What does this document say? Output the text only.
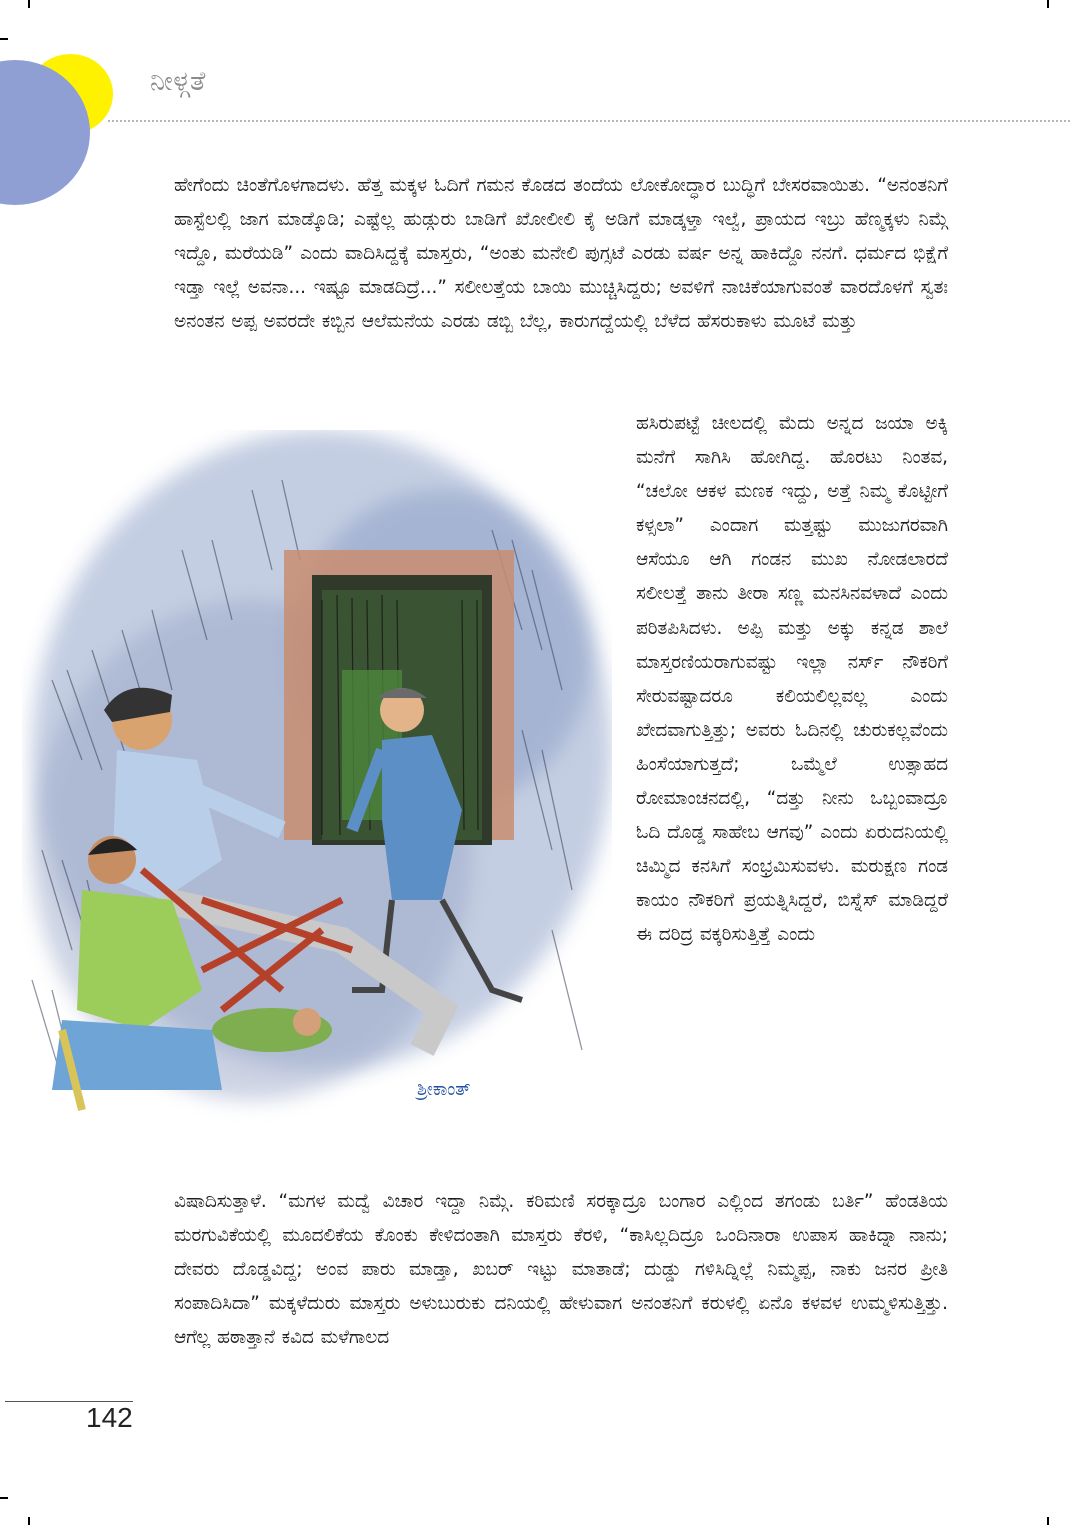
ನೀಳ್ಗತೆ

ಹೇಗೆಂದು ಚಿಂತೆಗೊಳಗಾದಳು. ಹೆತ್ತ ಮಕ್ಕಳ ಓದಿಗೆ ಗಮನ ಕೊಡದ ತಂದೆಯ ಲೋಕೋದ್ಧಾರ ಬುದ್ಧಿಗೆ ಬೇಸರವಾಯಿತು. “ಅನಂತನಿಗೆ ಹಾಸ್ಟೆಲಲ್ಲಿ ಜಾಗ ಮಾಡ್ಕೊಡಿ; ಎಷ್ಟೆಲ್ಲ ಹುಡ್ಗುರು ಬಾಡಿಗೆ ಖೋಲೀಲಿ ಕೈ ಅಡಿಗೆ ಮಾಡ್ಕಳ್ತಾ ಇಲ್ವೆ, ಪ್ರಾಯದ ಇಬ್ರು ಹೆಣ್ಮಕ್ಕಳು ನಿಮ್ಗೆ ಇದ್ದೊ, ಮರೆಯಡಿ” ಎಂದು ವಾದಿಸಿದ್ದಕ್ಕೆ ಮಾಸ್ತರು, “ಅಂತು ಮನೇಲಿ ಪುಗ್ಸಟೆ ಎರಡು ವರ್ಷ ಅನ್ನ ಹಾಕಿದ್ದೊ ನನಗೆ. ಧರ್ಮದ ಭಿಕ್ಷೆಗೆ ಇಡ್ತಾ ಇಲ್ಲೆ ಅವನಾ... ಇಷ್ಟೂ ಮಾಡದಿದ್ರೆ...” ಸಲೀಲತ್ತೆಯ ಬಾಯಿ ಮುಚ್ಚಿಸಿದ್ದರು; ಅವಳಿಗೆ ನಾಚಿಕೆಯಾಗುವಂತೆ ವಾರದೊಳಗೆ ಸ್ವತಃ ಅನಂತನ ಅಪ್ಪ ಅವರದೇ ಕಬ್ಬಿನ ಆಲೆಮನೆಯ ಎರಡು ಡಬ್ಬಿ ಬೆಲ್ಲ, ಕಾರುಗದ್ದೆಯಲ್ಲಿ ಬೆಳೆದ ಹೆಸರುಕಾಳು ಮೂಟೆ ಮತ್ತು

ಹಸಿರುಪಟ್ಟೆ ಚೀಲದಲ್ಲಿ ಮೆದು ಅನ್ನದ ಜಯಾ ಅಕ್ಕಿ ಮನೆಗೆ ಸಾಗಿಸಿ ಹೋಗಿದ್ದ. ಹೊರಟು ನಿಂತವ, “ಚಲೋ ಆಕಳ ಮಣಕ ಇದ್ದು, ಅತ್ತೆ ನಿಮ್ಮ ಕೊಟ್ಟೀಗೆ ಕಳ್ಸಲಾ” ಎಂದಾಗ ಮತ್ತಷ್ಟು ಮುಜುಗರವಾಗಿ ಆಸೆಯೂ ಆಗಿ ಗಂಡನ ಮುಖ ನೋಡಲಾರದೆ ಸಲೀಲತ್ತೆ ತಾನು ತೀರಾ ಸಣ್ಣ ಮನಸಿನವಳಾದೆ ಎಂದು ಪರಿತಪಿಸಿದಳು. ಅಪ್ಪಿ ಮತ್ತು ಅಕ್ಕು ಕನ್ನಡ ಶಾಲೆ ಮಾಸ್ತರಣಿಯರಾಗುವಷ್ಟು ಇಲ್ಲಾ ನರ್ಸ್ ನೌಕರಿಗೆ ಸೇರುವಷ್ಟಾದರೂ ಕಲಿಯಲಿಲ್ಲವಲ್ಲ ಎಂದು ಖೇದವಾಗುತ್ತಿತ್ತು; ಅವರು ಓದಿನಲ್ಲಿ ಚುರುಕಲ್ಲವೆಂದು ಹಿಂಸೆಯಾಗುತ್ತದೆ; ಒಮ್ಮೆಲೆ ಉತ್ಸಾಹದ ರೋಮಾಂಚನದಲ್ಲಿ, “ದತ್ತು ನೀನು ಒಬ್ಬಂವಾದ್ರೂ ಓದಿ ದೊಡ್ಡ ಸಾಹೇಬ ಆಗವು” ಎಂದು ಏರುದನಿಯಲ್ಲಿ ಚಿಮ್ಮಿದ ಕನಸಿಗೆ ಸಂಭ್ರಮಿಸುವಳು. ಮರುಕ್ಷಣ ಗಂಡ ಕಾಯಂ ನೌಕರಿಗೆ ಪ್ರಯತ್ನಿಸಿದ್ದರೆ, ಬಿಸ್ನೆಸ್ ಮಾಡಿದ್ದರೆ ಈ ದರಿದ್ರ ವಕ್ಕರಿಸುತ್ತಿತ್ತೆ ಎಂದು

ಶ್ರೀಕಾಂತ್

ವಿಷಾದಿಸುತ್ತಾಳೆ. “ಮಗಳ ಮದ್ವೆ ವಿಚಾರ ಇದ್ದಾ ನಿಮ್ಗೆ. ಕರಿಮಣಿ ಸರಕ್ಕಾದ್ರೂ ಬಂಗಾರ ಎಲ್ಲಿಂದ ತಗಂಡು ಬರ್ತಿ” ಹೆಂಡತಿಯ ಮರಗುವಿಕೆಯಲ್ಲಿ ಮೂದಲಿಕೆಯ ಕೊಂಕು ಕೇಳಿದಂತಾಗಿ ಮಾಸ್ತರು ಕೆರಳಿ, “ಕಾಸಿಲ್ಲದಿದ್ರೂ ಒಂದಿನಾರಾ ಉಪಾಸ ಹಾಕಿದ್ನಾ ನಾನು; ದೇವರು ದೊಡ್ಡವಿದ್ದ; ಅಂವ ಪಾರು ಮಾಡ್ತಾ, ಖಬರ್ ಇಟ್ಟು ಮಾತಾಡೆ; ದುಡ್ಡು ಗಳಿಸಿದ್ನಿಲ್ಲೆ ನಿಮ್ಮಪ್ಪ, ನಾಕು ಜನರ ಪ್ರೀತಿ ಸಂಪಾದಿಸಿದಾ” ಮಕ್ಕಳೆದುರು ಮಾಸ್ತರು ಅಳುಬುರುಕು ದನಿಯಲ್ಲಿ ಹೇಳುವಾಗ ಅನಂತನಿಗೆ ಕರುಳಲ್ಲಿ ಏನೊ ಕಳವಳ ಉಮ್ಮಳಿಸುತ್ತಿತ್ತು. ಆಗೆಲ್ಲ ಹಠಾತ್ತಾನೆ ಕವಿದ ಮಳೆಗಾಲದ

142
